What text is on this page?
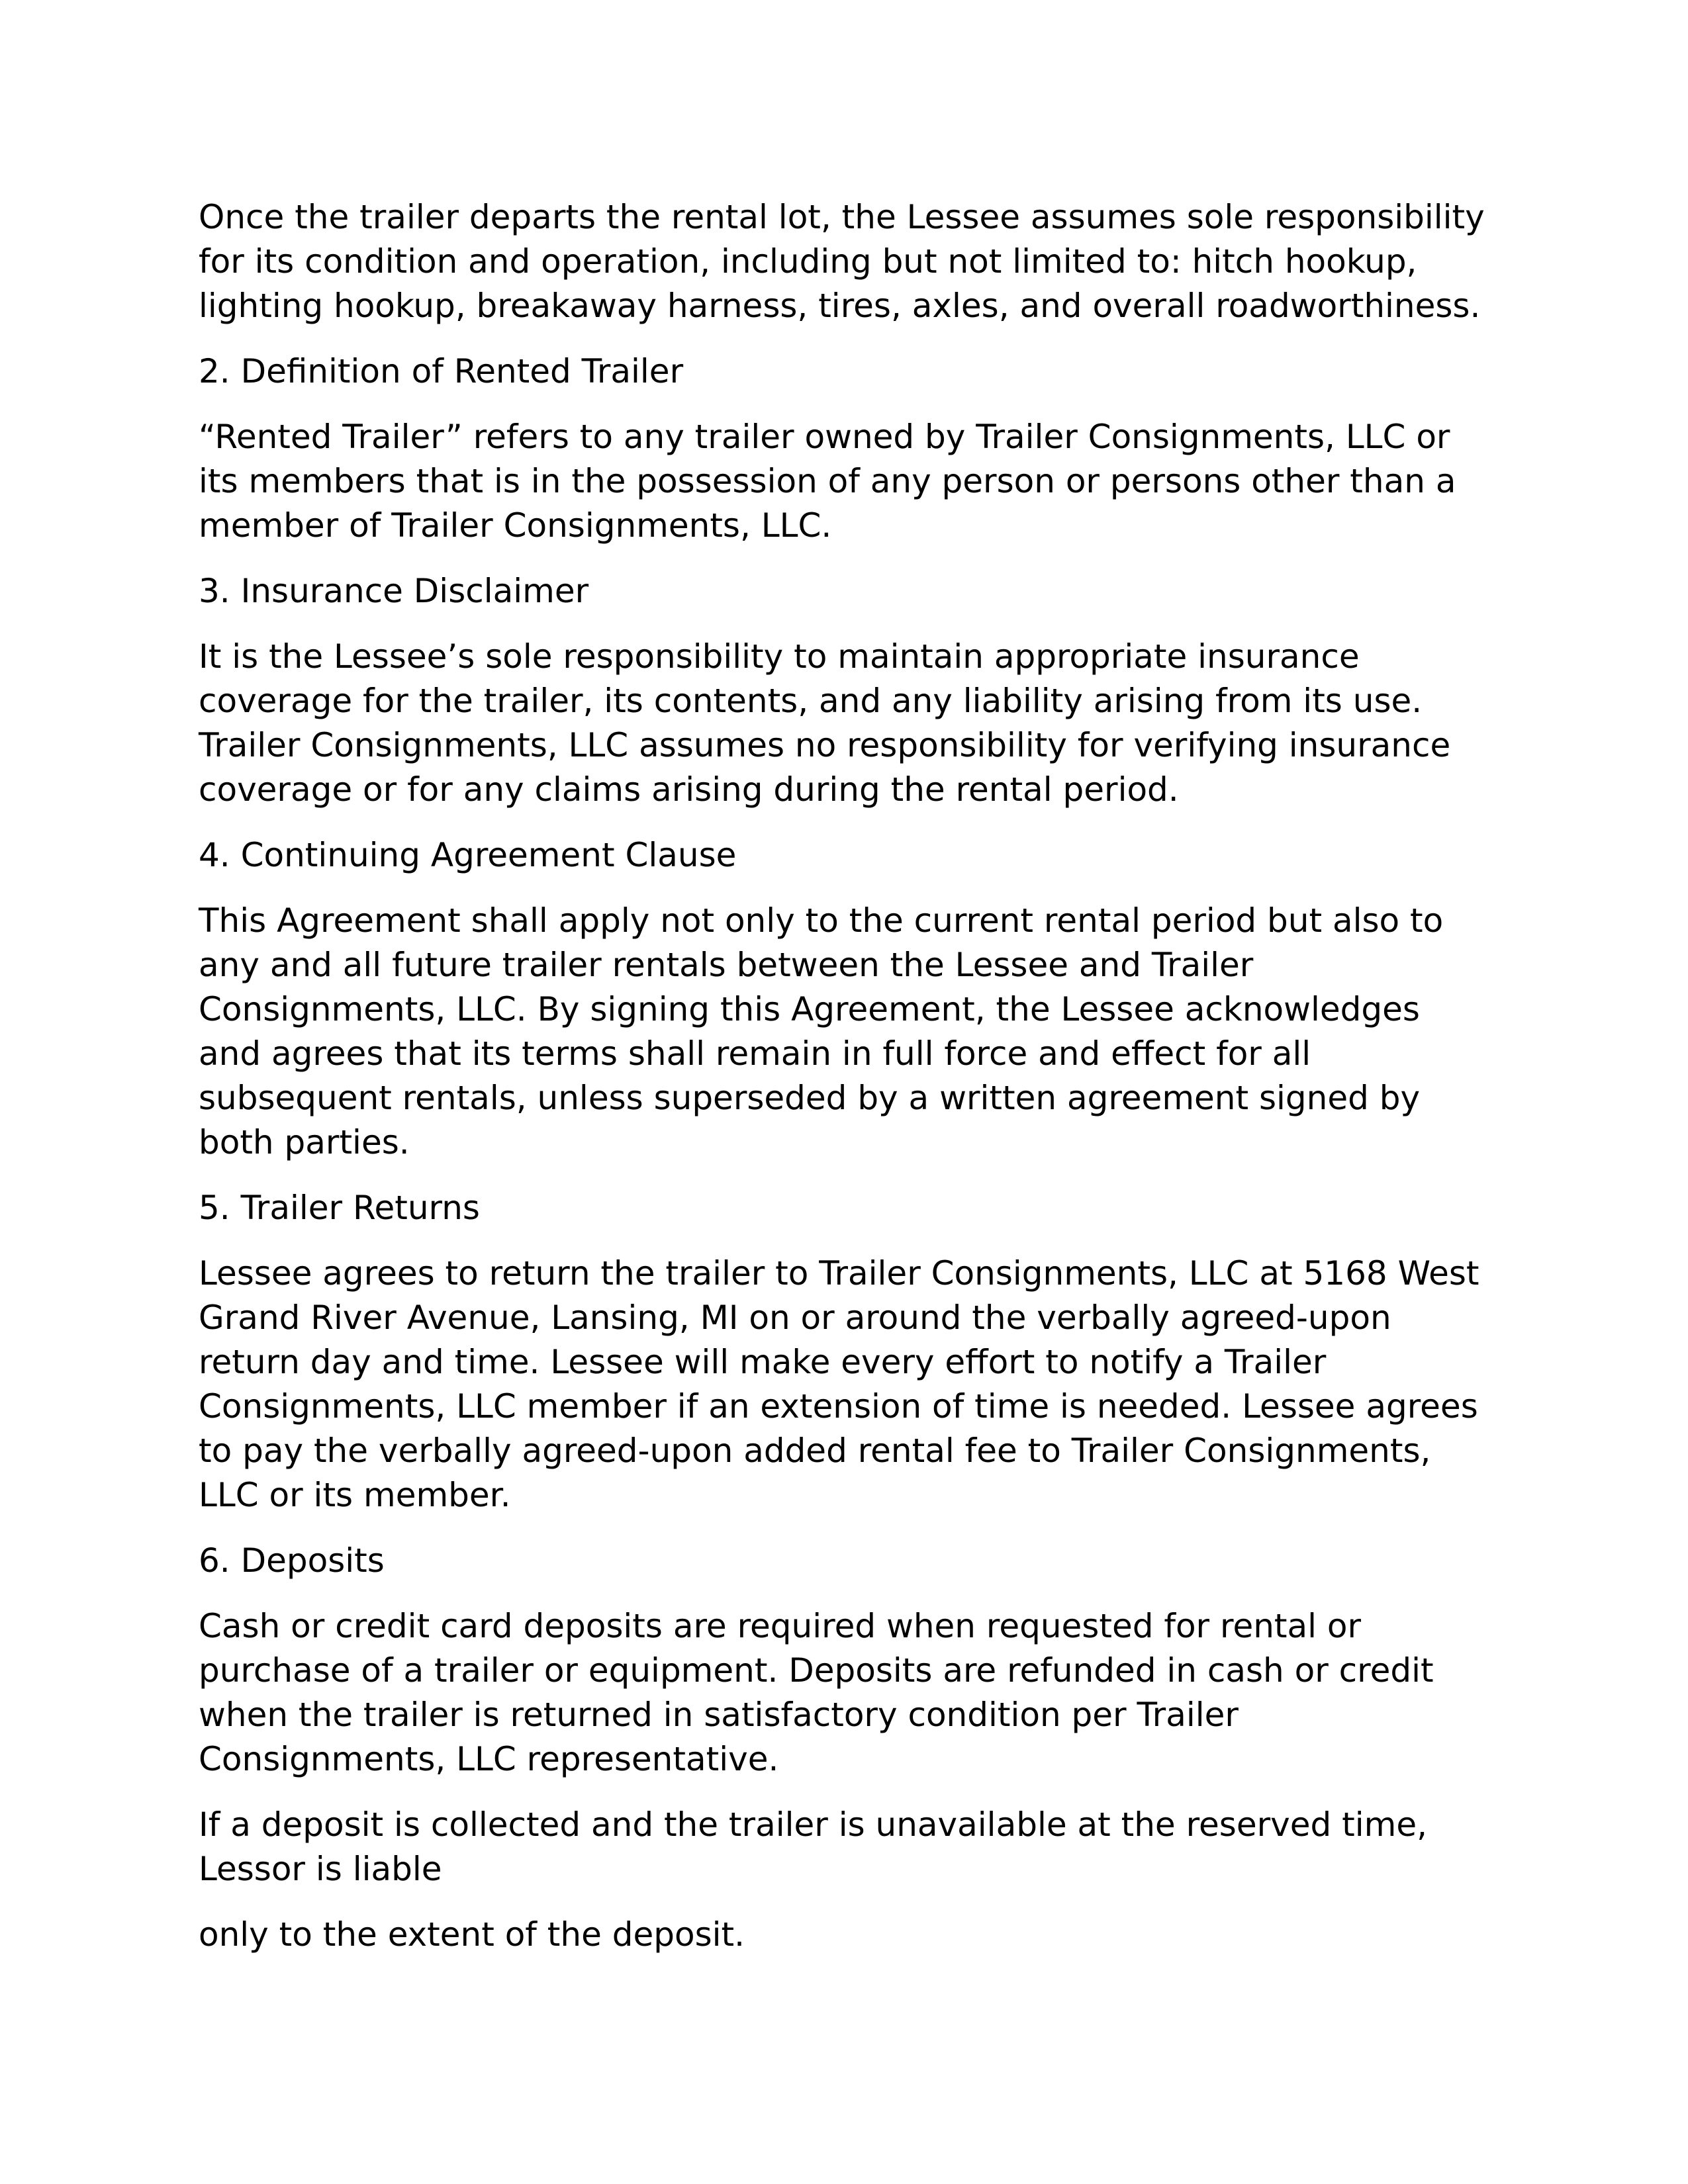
Once the trailer departs the rental lot, the Lessee assumes sole responsibility
for its condition and operation, including but not limited to: hitch hookup,
lighting hookup, breakaway harness, tires, axles, and overall roadworthiness.

2. Definition of Rented Trailer

“Rented Trailer” refers to any trailer owned by Trailer Consignments, LLC or
its members that is in the possession of any person or persons other than a
member of Trailer Consignments, LLC.

3. Insurance Disclaimer

It is the Lessee’s sole responsibility to maintain appropriate insurance
coverage for the trailer, its contents, and any liability arising from its use.
Trailer Consignments, LLC assumes no responsibility for verifying insurance
coverage or for any claims arising during the rental period.

4. Continuing Agreement Clause

This Agreement shall apply not only to the current rental period but also to
any and all future trailer rentals between the Lessee and Trailer
Consignments, LLC. By signing this Agreement, the Lessee acknowledges
and agrees that its terms shall remain in full force and effect for all
subsequent rentals, unless superseded by a written agreement signed by
both parties.

5. Trailer Returns

Lessee agrees to return the trailer to Trailer Consignments, LLC at 5168 West
Grand River Avenue, Lansing, MI on or around the verbally agreed-upon
return day and time. Lessee will make every effort to notify a Trailer
Consignments, LLC member if an extension of time is needed. Lessee agrees
to pay the verbally agreed-upon added rental fee to Trailer Consignments,
LLC or its member.

6. Deposits

Cash or credit card deposits are required when requested for rental or
purchase of a trailer or equipment. Deposits are refunded in cash or credit
when the trailer is returned in satisfactory condition per Trailer
Consignments, LLC representative.

If a deposit is collected and the trailer is unavailable at the reserved time,
Lessor is liable

only to the extent of the deposit.
